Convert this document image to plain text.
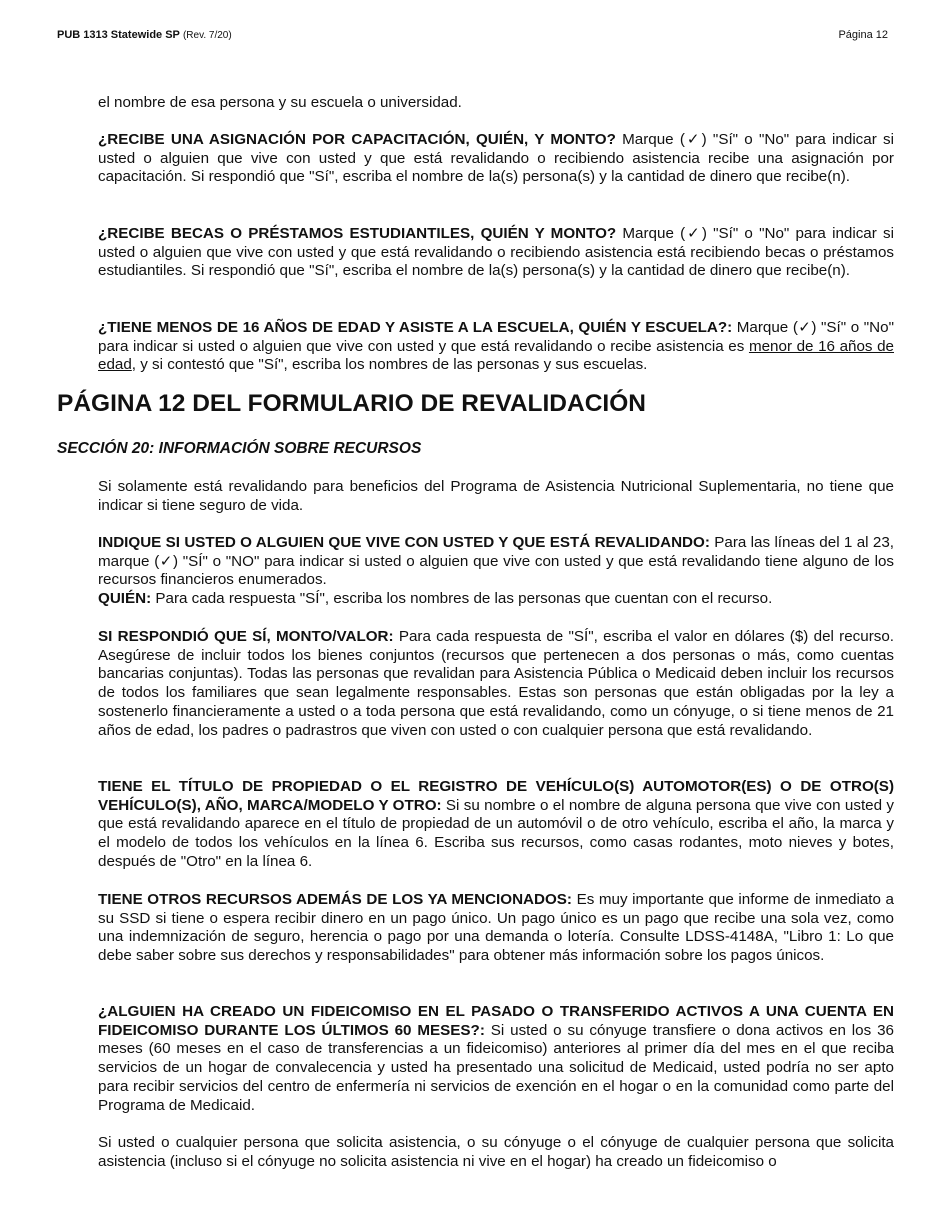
PUB 1313 Statewide SP (Rev. 7/20)	Página 12

el nombre de esa persona y su escuela o universidad.

¿RECIBE UNA ASIGNACIÓN POR CAPACITACIÓN, QUIÉN, Y MONTO? Marque (✓) "Sí" o "No" para indicar si usted o alguien que vive con usted y que está revalidando o recibiendo asistencia recibe una asignación por capacitación. Si respondió que "Sí", escriba el nombre de la(s) persona(s) y la cantidad de dinero que recibe(n).

¿RECIBE BECAS O PRÉSTAMOS ESTUDIANTILES, QUIÉN Y MONTO? Marque (✓) "Sí" o "No" para indicar si usted o alguien que vive con usted y que está revalidando o recibiendo asistencia está recibiendo becas o préstamos estudiantiles. Si respondió que "Sí", escriba el nombre de la(s) persona(s) y la cantidad de dinero que recibe(n).

¿TIENE MENOS DE 16 AÑOS DE EDAD Y ASISTE A LA ESCUELA, QUIÉN Y ESCUELA?: Marque (✓) "Sí" o "No" para indicar si usted o alguien que vive con usted y que está revalidando o recibe asistencia es menor de 16 años de edad, y si contestó que "Sí", escriba los nombres de las personas y sus escuelas.

PÁGINA 12 DEL FORMULARIO DE REVALIDACIÓN
SECCIÓN 20: INFORMACIÓN SOBRE RECURSOS

Si solamente está revalidando para beneficios del Programa de Asistencia Nutricional Suplementaria, no tiene que indicar si tiene seguro de vida.

INDIQUE SI USTED O ALGUIEN QUE VIVE CON USTED Y QUE ESTÁ REVALIDANDO: Para las líneas del 1 al 23, marque (✓) "SÍ" o "NO" para indicar si usted o alguien que vive con usted y que está revalidando tiene alguno de los recursos financieros enumerados.
QUIÉN: Para cada respuesta "SÍ", escriba los nombres de las personas que cuentan con el recurso.

SI RESPONDIÓ QUE SÍ, MONTO/VALOR: Para cada respuesta de "SÍ", escriba el valor en dólares ($) del recurso. Asegúrese de incluir todos los bienes conjuntos (recursos que pertenecen a dos personas o más, como cuentas bancarias conjuntas). Todas las personas que revalidan para Asistencia Pública o Medicaid deben incluir los recursos de todos los familiares que sean legalmente responsables. Estas son personas que están obligadas por la ley a sostenerlo financieramente a usted o a toda persona que está revalidando, como un cónyuge, o si tiene menos de 21 años de edad, los padres o padrastros que viven con usted o con cualquier persona que está revalidando.

TIENE EL TÍTULO DE PROPIEDAD O EL REGISTRO DE VEHÍCULO(S) AUTOMOTOR(ES) O DE OTRO(S) VEHÍCULO(S), AÑO, MARCA/MODELO Y OTRO: Si su nombre o el nombre de alguna persona que vive con usted y que está revalidando aparece en el título de propiedad de un automóvil o de otro vehículo, escriba el año, la marca y el modelo de todos los vehículos en la línea 6. Escriba sus recursos, como casas rodantes, moto nieves y botes, después de "Otro" en la línea 6.

TIENE OTROS RECURSOS ADEMÁS DE LOS YA MENCIONADOS: Es muy importante que informe de inmediato a su SSD si tiene o espera recibir dinero en un pago único. Un pago único es un pago que recibe una sola vez, como una indemnización de seguro, herencia o pago por una demanda o lotería. Consulte LDSS-4148A, "Libro 1: Lo que debe saber sobre sus derechos y responsabilidades" para obtener más información sobre los pagos únicos.

¿ALGUIEN HA CREADO UN FIDEICOMISO EN EL PASADO O TRANSFERIDO ACTIVOS A UNA CUENTA EN FIDEICOMISO DURANTE LOS ÚLTIMOS 60 MESES?: Si usted o su cónyuge transfiere o dona activos en los 36 meses (60 meses en el caso de transferencias a un fideicomiso) anteriores al primer día del mes en el que reciba servicios de un hogar de convalecencia y usted ha presentado una solicitud de Medicaid, usted podría no ser apto para recibir servicios del centro de enfermería ni servicios de exención en el hogar o en la comunidad como parte del Programa de Medicaid.

Si usted o cualquier persona que solicita asistencia, o su cónyuge o el cónyuge de cualquier persona que solicita asistencia (incluso si el cónyuge no solicita asistencia ni vive en el hogar) ha creado un fideicomiso o
